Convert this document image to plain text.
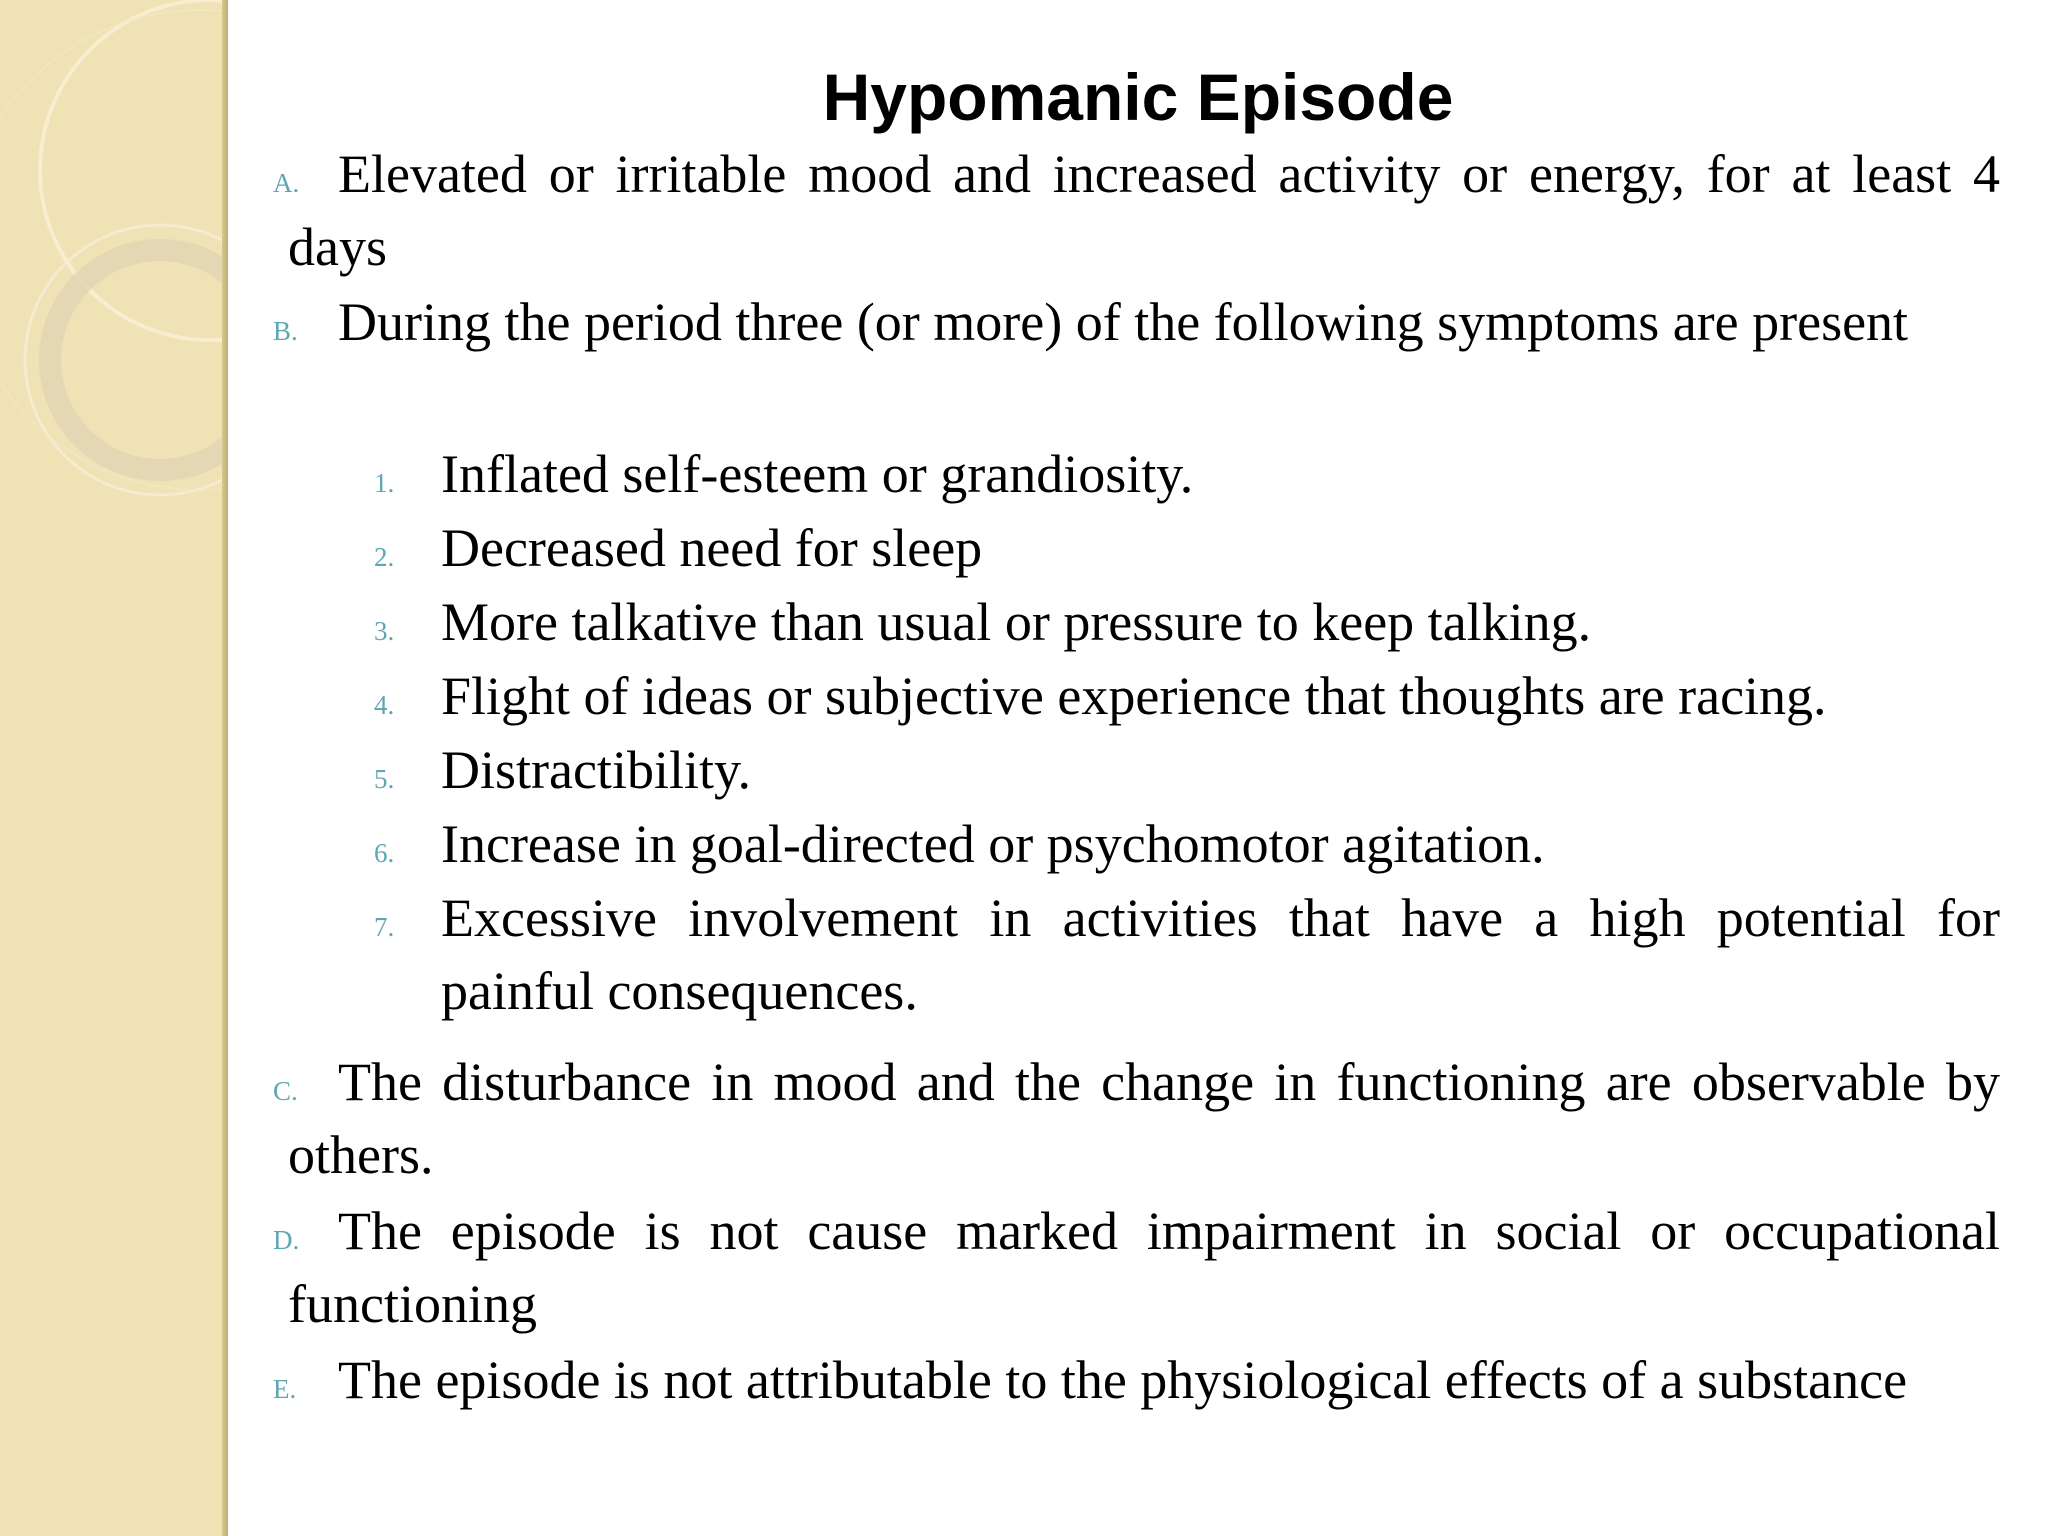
Hypomanic Episode
A. Elevated or irritable mood and increased activity or energy, for at least 4 days
B. During the period three (or more) of the following symptoms are present
1. Inflated self-esteem or grandiosity.
2. Decreased need for sleep
3. More talkative than usual or pressure to keep talking.
4. Flight of ideas or subjective experience that thoughts are racing.
5. Distractibility.
6. Increase in goal-directed or psychomotor agitation.
7. Excessive involvement in activities that have a high potential for painful consequences.
C. The disturbance in mood and the change in functioning are observable by others.
D. The episode is not cause marked impairment in social or occupational functioning
E. The episode is not attributable to the physiological effects of a substance
